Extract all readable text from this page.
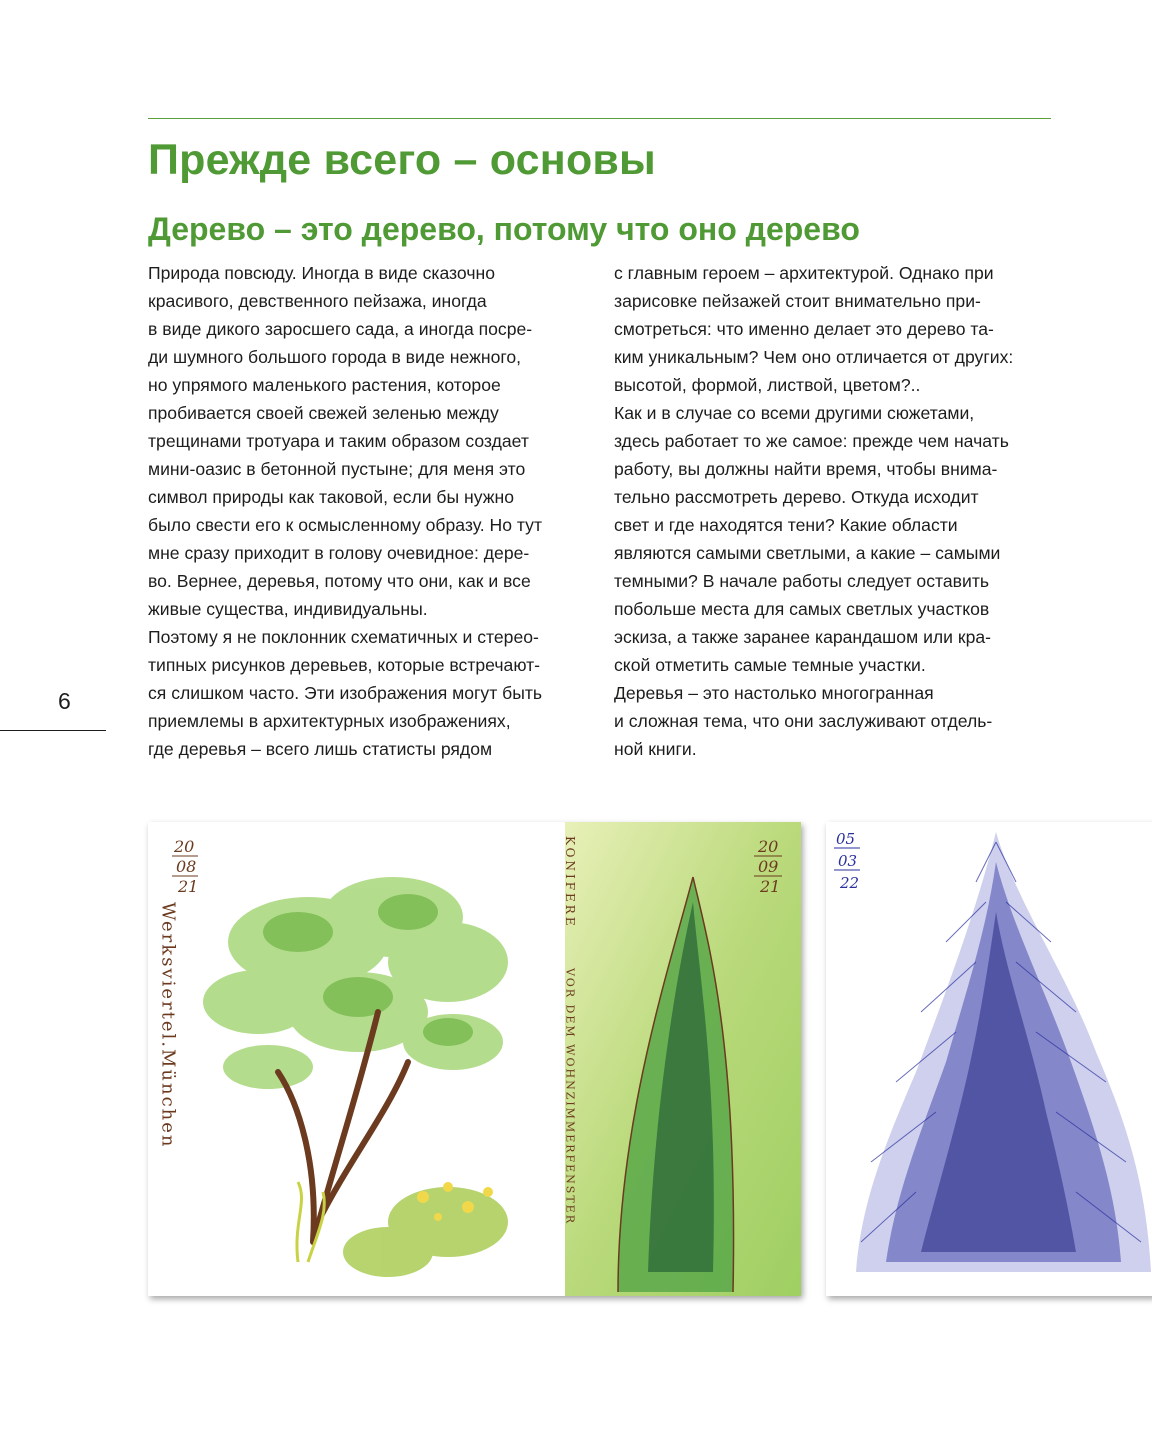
Прежде всего – основы
Дерево – это дерево, потому что оно дерево
Природа повсюду. Иногда в виде сказочно
красивого, девственного пейзажа, иногда
в виде дикого заросшего сада, а иногда посре-
ди шумного большого города в виде нежного,
но упрямого маленького растения, которое
пробивается своей свежей зеленью между
трещинами тротуара и таким образом создает
мини-оазис в бетонной пустыне; для меня это
символ природы как таковой, если бы нужно
было свести его к осмысленному образу. Но тут
мне сразу приходит в голову очевидное: дере-
во. Вернее, деревья, потому что они, как и все
живые существа, индивидуальны.
Поэтому я не поклонник схематичных и стерео-
типных рисунков деревьев, которые встречают-
ся слишком часто. Эти изображения могут быть
приемлемы в архитектурных изображениях,
где деревья – всего лишь статисты рядом
с главным героем – архитектурой. Однако при
зарисовке пейзажей стоит внимательно при-
смотреться: что именно делает это дерево та-
ким уникальным? Чем оно отличается от других:
высотой, формой, листвой, цветом?..
Как и в случае со всеми другими сюжетами,
здесь работает то же самое: прежде чем начать
работу, вы должны найти время, чтобы внима-
тельно рассмотреть дерево. Откуда исходит
свет и где находятся тени? Какие области
являются самыми светлыми, а какие – самыми
темными? В начале работы следует оставить
побольше места для самых светлых участков
эскиза, а также заранее карандашом или кра-
ской отметить самые темные участки.
Деревья – это настолько многогранная
и сложная тема, что они заслуживают отдель-
ной книги.
6
20
08
21
Werksviertel.München
20
09
21
KONIFERE
VOR DEM WOHNZIMMERFENSTER
05
03
22
